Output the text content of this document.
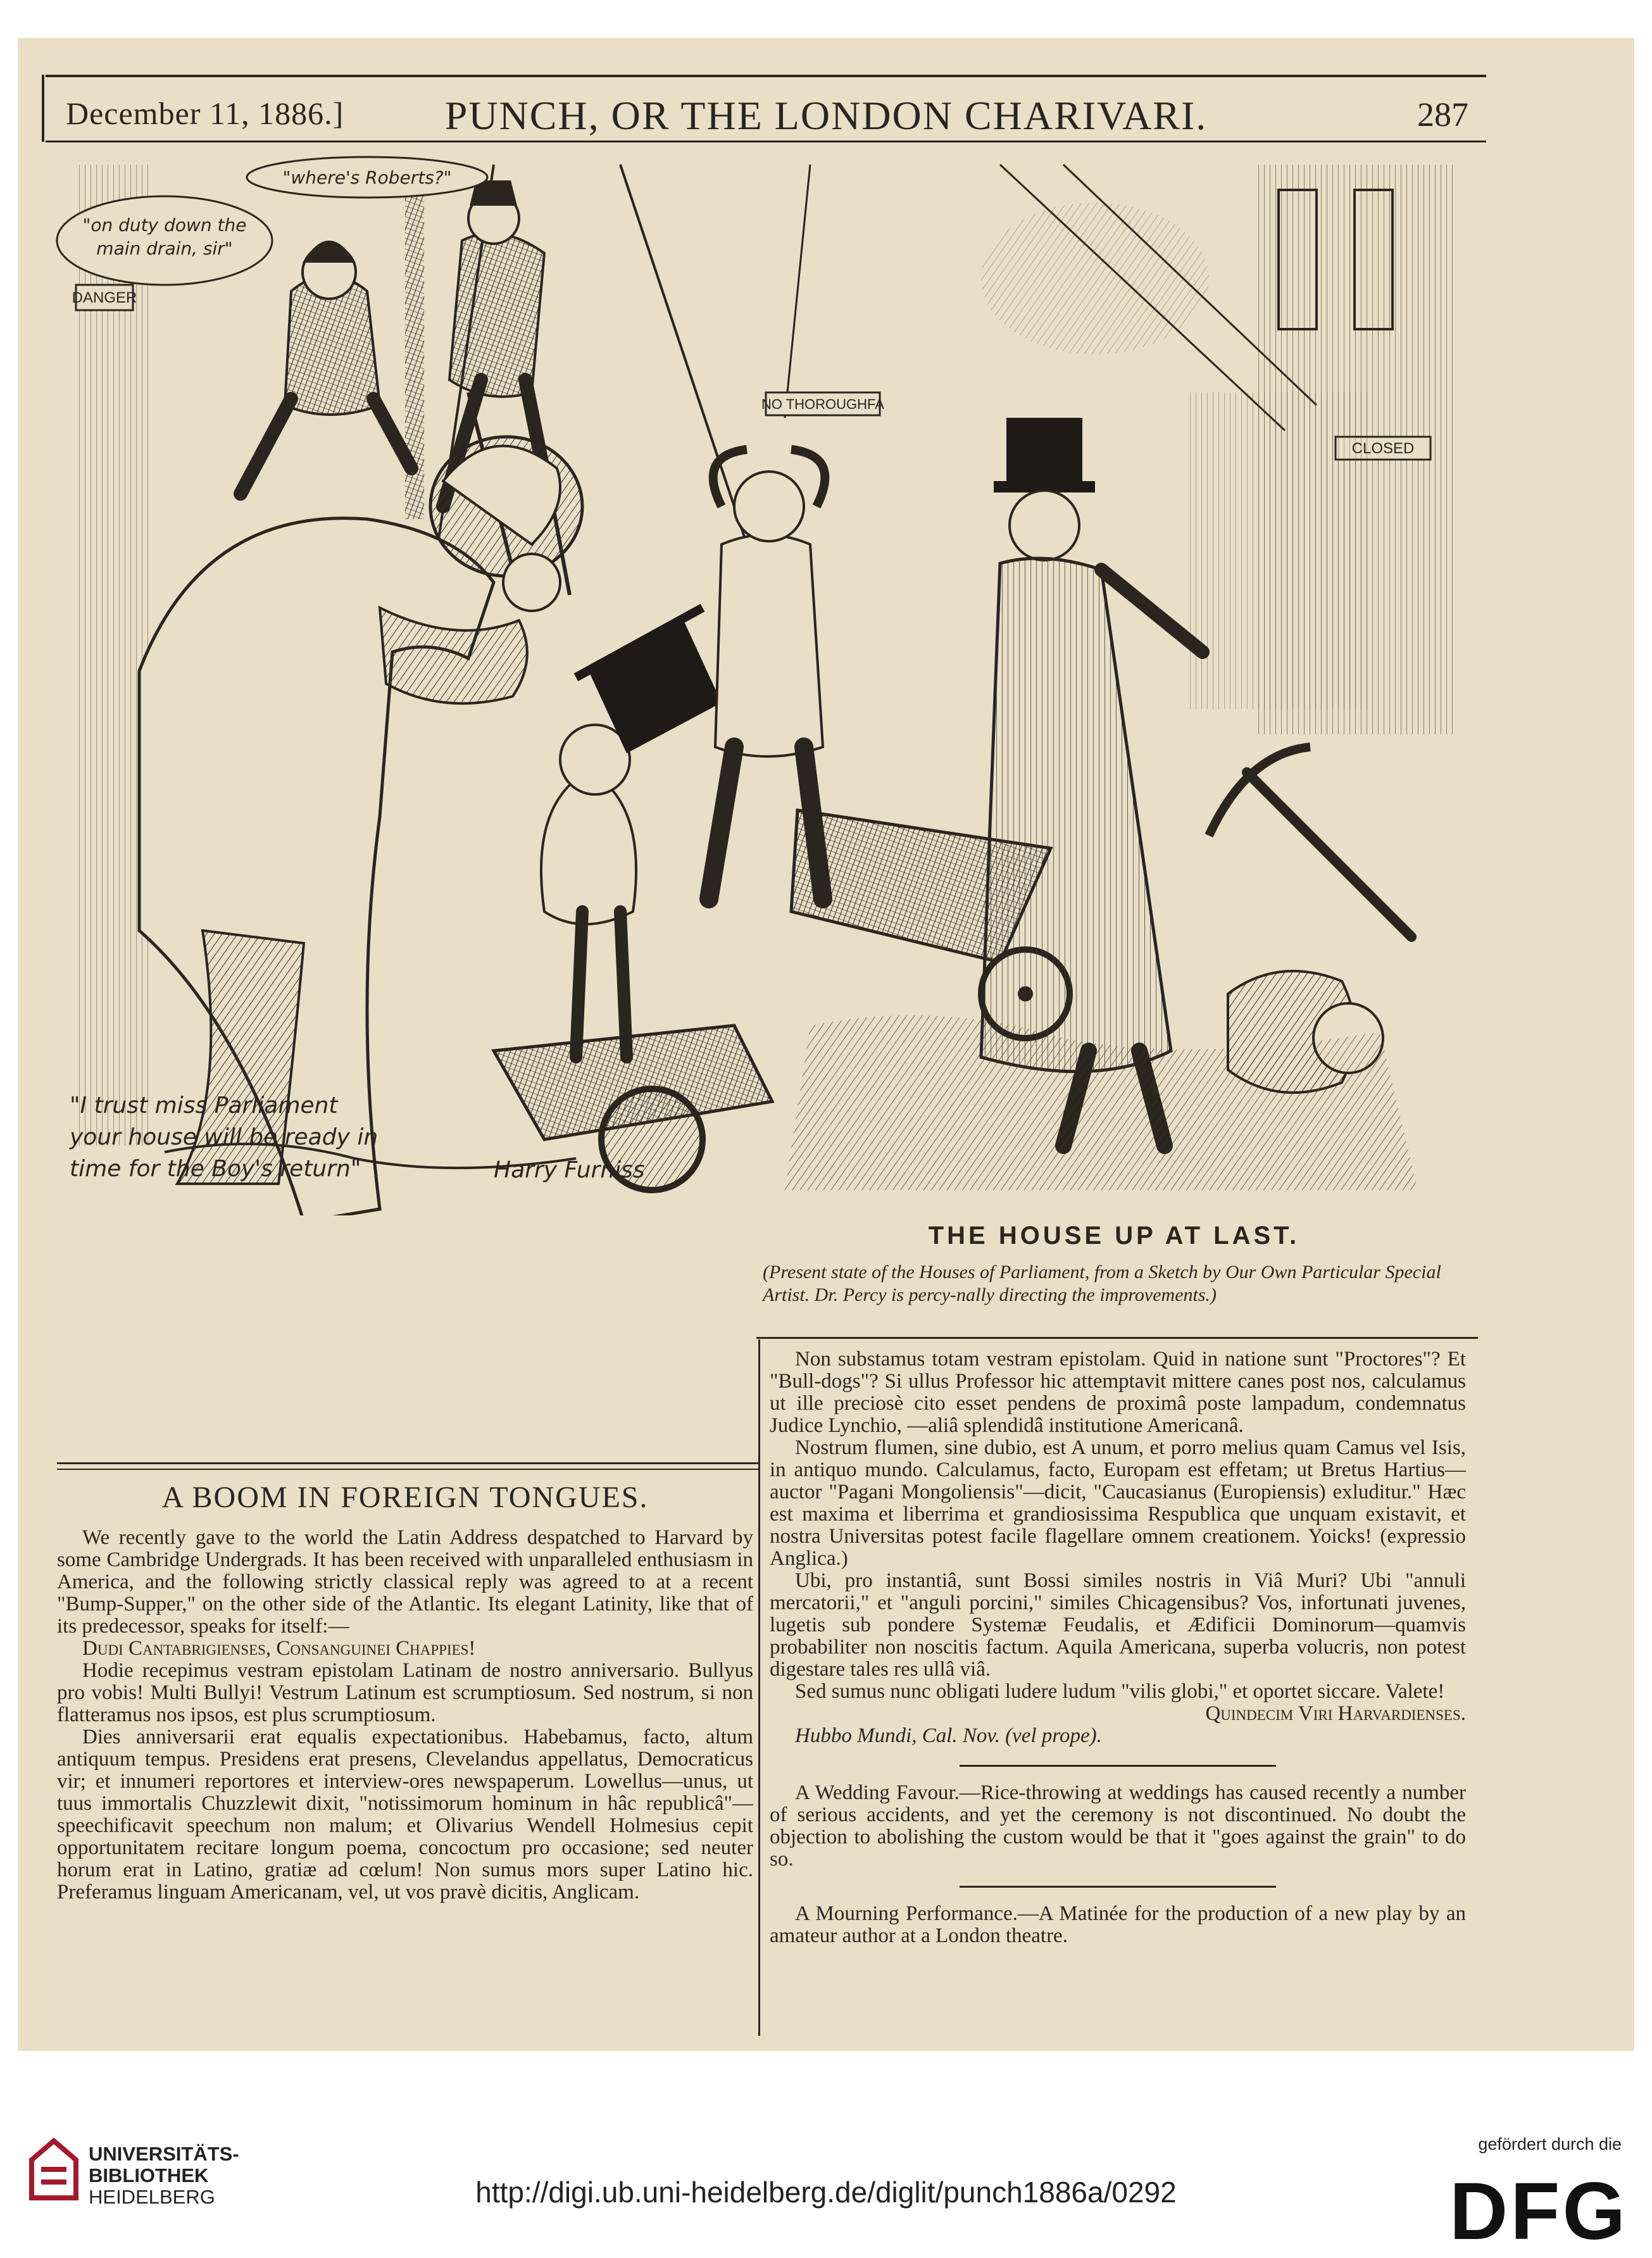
December 11, 1886.]	PUNCH, OR THE LONDON CHARIVARI.	287
"on duty down the
main drain, sir"
"where's Roberts?"
DANGER
NO THOROUGHFA
CLOSED
"I trust miss Parliament
your house will be ready in
time for the Boy's return"	Harry Furniss
THE HOUSE UP AT LAST.
(Present state of the Houses of Parliament, from a Sketch by Our Own Particular Special Artist. Dr. Percy is percy-nally directing the improvements.)
A BOOM IN FOREIGN TONGUES.

We recently gave to the world the Latin Address despatched to Harvard by some Cambridge Undergrads. It has been received with unparalleled enthusiasm in America, and the following strictly classical reply was agreed to at a recent "Bump-Supper," on the other side of the Atlantic. Its elegant Latinity, like that of its predecessor, speaks for itself:—

Dudi Cantabrigienses, Consanguinei Chappies!

Hodie recepimus vestram epistolam Latinam de nostro anniversario. Bullyus pro vobis! Multi Bullyi! Vestrum Latinum est scrumptiosum. Sed nostrum, si non flatteramus nos ipsos, est plus scrumptiosum.

Dies anniversarii erat equalis expectationibus. Habebamus, facto, altum antiquum tempus. Presidens erat presens, Clevelandus appellatus, Democraticus vir; et innumeri reportores et interview-ores newspaperum. Lowellus—unus, ut tuus immortalis Chuzzlewit dixit, "notissimorum hominum in hâc republicâ"—speechificavit speechum non malum; et Olivarius Wendell Holmesius cepit opportunitatem recitare longum poema, concoctum pro occasione; sed neuter horum erat in Latino, gratiæ ad cœlum! Non sumus mors super Latino hic. Preferamus linguam Americanam, vel, ut vos pravè dicitis, Anglicam.

Non substamus totam vestram epistolam. Quid in natione sunt "Proctores"? Et "Bull-dogs"? Si ullus Professor hic attemptavit mittere canes post nos, calculamus ut ille preciosè cito esset pendens de proximâ poste lampadum, condemnatus Judice Lynchio, —aliâ splendidâ institutione Americanâ.

Nostrum flumen, sine dubio, est A unum, et porro melius quam Camus vel Isis, in antiquo mundo. Calculamus, facto, Europam est effetam; ut Bretus Hartius—auctor "Pagani Mongoliensis"—dicit, "Caucasianus (Europiensis) exluditur." Hæc est maxima et liberrima et grandiosissima Respublica que unquam existavit, et nostra Universitas potest facile flagellare omnem creationem. Yoicks! (expressio Anglica.)

Ubi, pro instantiâ, sunt Bossi similes nostris in Viâ Muri? Ubi "annuli mercatorii," et "anguli porcini," similes Chicagensibus? Vos, infortunati juvenes, lugetis sub pondere Systemæ Feudalis, et Ædificii Dominorum—quamvis probabiliter non noscitis factum. Aquila Americana, superba volucris, non potest digestare tales res ullâ viâ.

Sed sumus nunc obligati ludere ludum "vilis globi," et oportet siccare. Valete!

Quindecim Viri Harvardienses.

Hubbo Mundi, Cal. Nov. (vel prope).

A Wedding Favour.—Rice-throwing at weddings has caused recently a number of serious accidents, and yet the ceremony is not discontinued. No doubt the objection to abolishing the custom would be that it "goes against the grain" to do so.

A Mourning Performance.—A Matinée for the production of a new play by an amateur author at a London theatre.

UNIVERSITÄTS-
BIBLIOTHEK
HEIDELBERG	http://digi.ub.uni-heidelberg.de/diglit/punch1886a/0292
gefördert durch die
DFG
